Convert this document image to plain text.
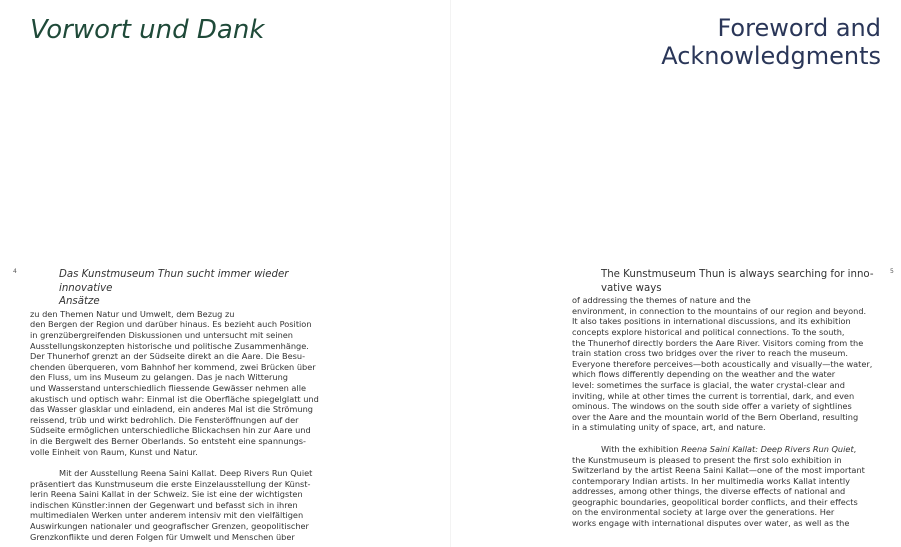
Vorwort und Dank
4	Das Kunstmuseum Thun sucht immer wieder innovative
Ansätze
zu den Themen Natur und Umwelt, dem Bezug zu
den Bergen der Region und darüber hinaus. Es bezieht auch Position
in grenzübergreifenden Diskussionen und untersucht mit seinen
Ausstellungskonzepten historische und politische Zusammenhänge.
Der Thunerhof grenzt an der Südseite direkt an die Aare. Die Besu-
chenden überqueren, vom Bahnhof her kommend, zwei Brücken über
den Fluss, um ins Museum zu gelangen. Das je nach Witterung
und Wasserstand unterschiedlich fliessende Gewässer nehmen alle
akustisch und optisch wahr: Einmal ist die Oberfläche spiegelglatt und
das Wasser glasklar und einladend, ein anderes Mal ist die Strömung
reissend, trüb und wirkt bedrohlich. Die Fensteröffnungen auf der
Südseite ermöglichen unterschiedliche Blickachsen hin zur Aare und
in die Bergwelt des Berner Oberlands. So entsteht eine spannungs-
volle Einheit von Raum, Kunst und Natur.

Mit der Ausstellung Reena Saini Kallat. Deep Rivers Run Quiet
präsentiert das Kunstmuseum die erste Einzelausstellung der Künst-
lerin Reena Saini Kallat in der Schweiz. Sie ist eine der wichtigsten
indischen Künstler:innen der Gegenwart und befasst sich in ihren
multimedialen Werken unter anderem intensiv mit den vielfältigen
Auswirkungen nationaler und geografischer Grenzen, geopolitischer
Grenzkonflikte und deren Folgen für Umwelt und Menschen über

Foreword and
Acknowledgments
5

The Kunstmuseum Thun is always searching for inno-
vative ways
of addressing the themes of nature and the
environment, in connection to the mountains of our region and beyond.
It also takes positions in international discussions, and its exhibition
concepts explore historical and political connections. To the south,
the Thunerhof directly borders the Aare River. Visitors coming from the
train station cross two bridges over the river to reach the museum.
Everyone therefore perceives—both acoustically and visually—the water,
which flows differently depending on the weather and the water
level: sometimes the surface is glacial, the water crystal-clear and
inviting, while at other times the current is torrential, dark, and even
ominous. The windows on the south side offer a variety of sightlines
over the Aare and the mountain world of the Bern Oberland, resulting
in a stimulating unity of space, art, and nature.

With the exhibition Reena Saini Kallat: Deep Rivers Run Quiet,
the Kunstmuseum is pleased to present the first solo exhibition in
Switzerland by the artist Reena Saini Kallat—one of the most important
contemporary Indian artists. In her multimedia works Kallat intently
addresses, among other things, the diverse effects of national and
geographic boundaries, geopolitical border conflicts, and their effects
on the environmental society at large over the generations. Her
works engage with international disputes over water, as well as the
